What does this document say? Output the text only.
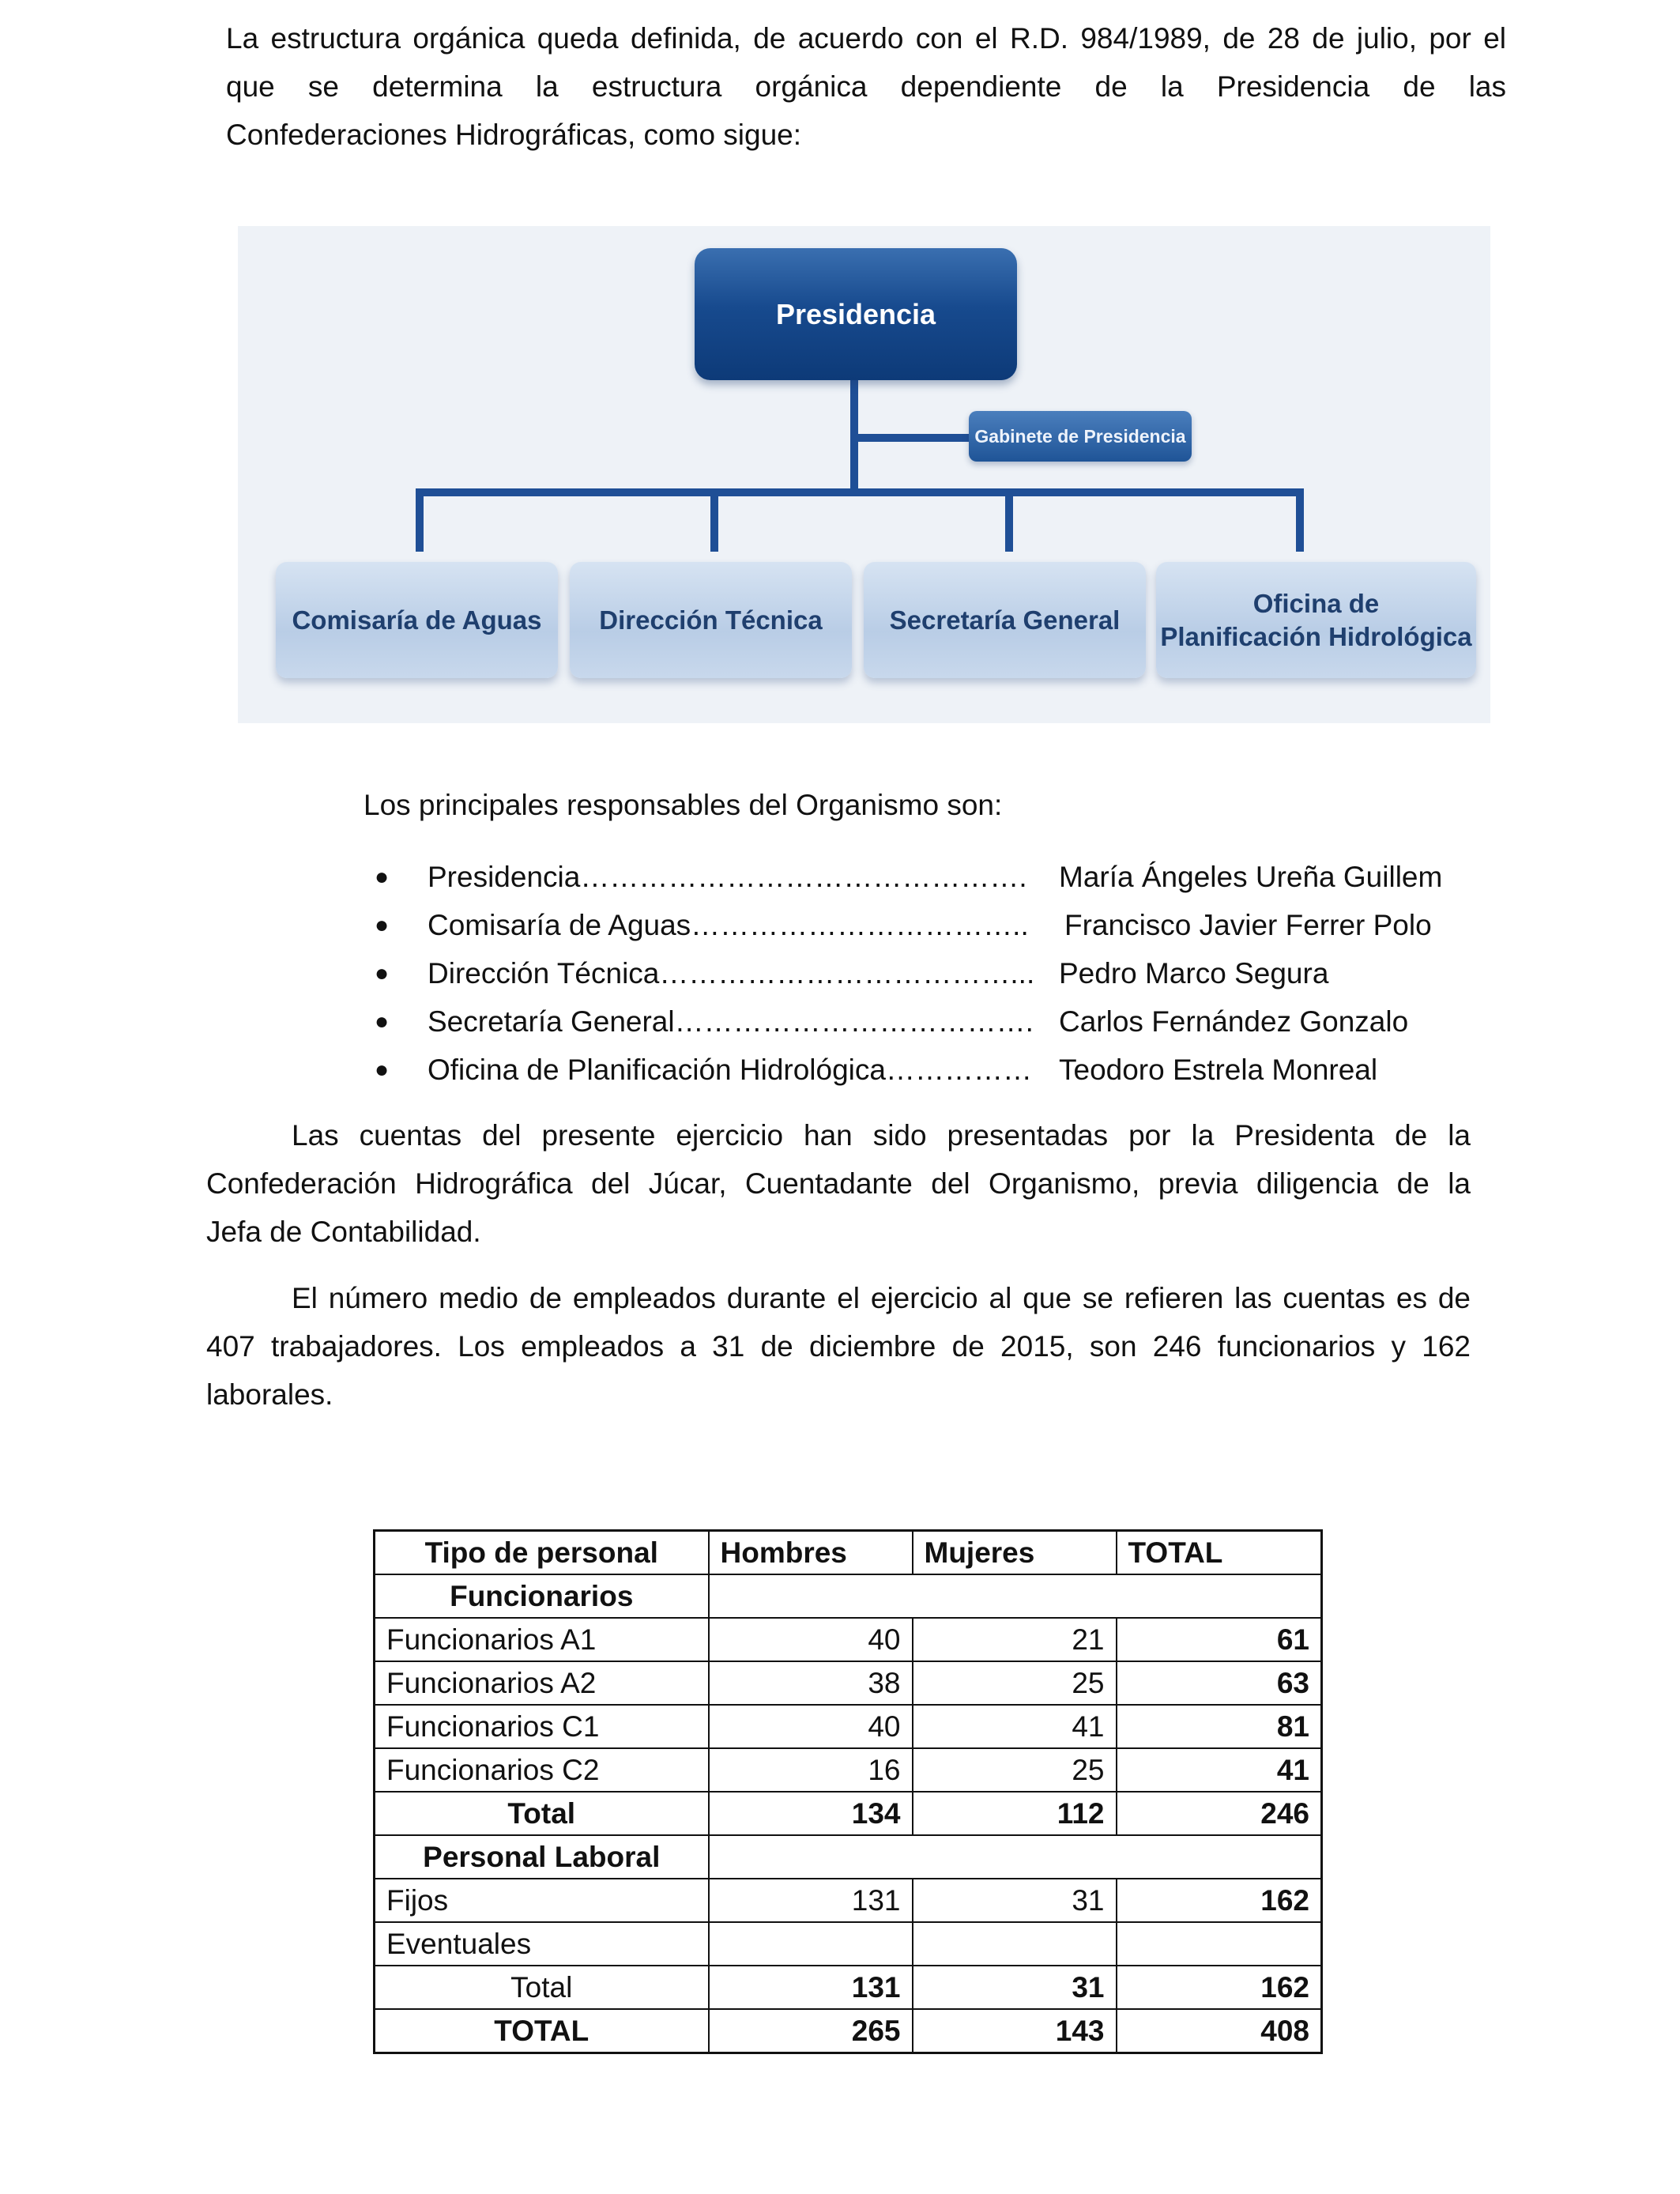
La estructura orgánica queda definida, de acuerdo con el R.D. 984/1989, de 28 de julio, por el
que se determina la estructura orgánica dependiente de la Presidencia de las
Confederaciones Hidrográficas, como sigue:
Presidencia
Gabinete de Presidencia
Comisaría de Aguas	Dirección Técnica	Secretaría General
Oficina de
Planificación Hidrológica

Los principales responsables del Organismo son:

● Presidencia………………………………………. María Ángeles Ureña Guillem
● Comisaría de Aguas…………………………….. Francisco Javier Ferrer Polo
● Dirección Técnica………………………………... Pedro Marco Segura
● Secretaría General………………………………. Carlos Fernández Gonzalo
● Oficina de Planificación Hidrológica…………… Teodoro Estrela Monreal
Las cuentas del presente ejercicio han sido presentadas por la Presidenta de la
Confederación Hidrográfica del Júcar, Cuentadante del Organismo, previa diligencia de la
Jefa de Contabilidad.
El número medio de empleados durante el ejercicio al que se refieren las cuentas es de
407 trabajadores. Los empleados a 31 de diciembre de 2015, son 246 funcionarios y 162
laborales.
Tipo de personal	Hombres	Mujeres	TOTAL
Funcionarios			
Funcionarios A1	40	21	61
Funcionarios A2	38	25	63
Funcionarios C1	40	41	81
Funcionarios C2	16	25	41
Total	134	112	246
Personal Laboral			
Fijos	131	31	162
Eventuales			
Total	131	31	162
TOTAL	265	143	408
